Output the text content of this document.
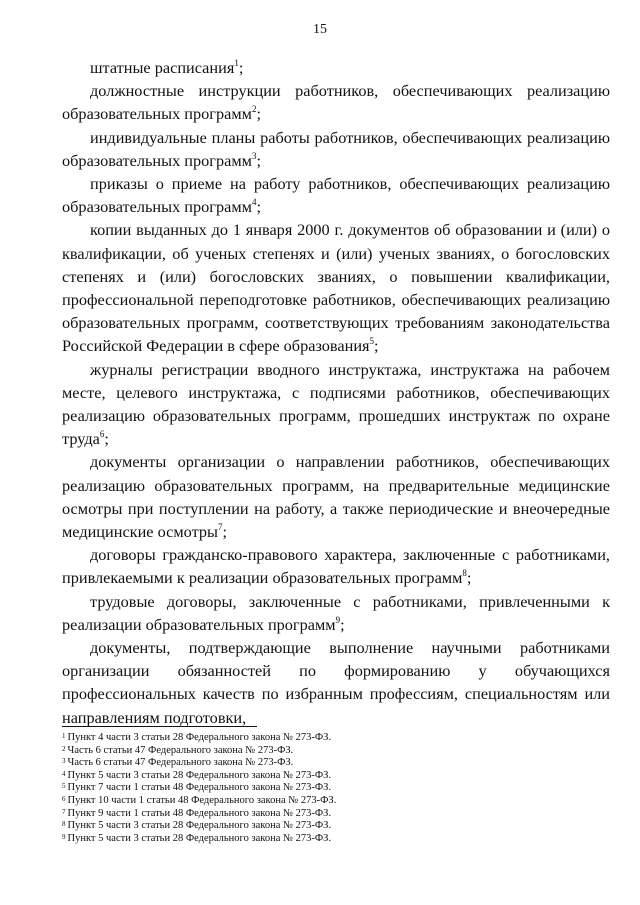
15

штатные расписания$^1$;

должностные инструкции работников, обеспечивающих реализацию образовательных программ$^2$;

индивидуальные планы работы работников, обеспечивающих реализацию образовательных программ$^3$;

приказы о приеме на работу работников, обеспечивающих реализацию образовательных программ$^4$;

копии выданных до 1 января 2000 г. документов об образовании и (или) о квалификации, об ученых степенях и (или) ученых званиях, о богословских степенях и (или) богословских званиях, о повышении квалификации, профессиональной переподготовке работников, обеспечивающих реализацию образовательных программ, соответствующих требованиям законодательства Российской Федерации в сфере образования$^5$;

журналы регистрации вводного инструктажа, инструктажа на рабочем месте, целевого инструктажа, с подписями работников, обеспечивающих реализацию образовательных программ, прошедших инструктаж по охране труда$^6$;

документы организации о направлении работников, обеспечивающих реализацию образовательных программ, на предварительные медицинские осмотры при поступлении на работу, а также периодические и внеочередные медицинские осмотры$^7$;

договоры гражданско-правового характера, заключенные с работниками, привлекаемыми к реализации образовательных программ$^8$;

трудовые договоры, заключенные с работниками, привлеченными к реализации образовательных программ$^9$;

документы, подтверждающие выполнение научными работниками организации обязанностей по формированию у обучающихся профессиональных качеств по избранным профессиям, специальностям или направлениям подготовки,

$^1$ Пункт 4 части 3 статьи 28 Федерального закона № 273-ФЗ.
$^2$ Часть 6 статьи 47 Федерального закона № 273-ФЗ.
$^3$ Часть 6 статьи 47 Федерального закона № 273-ФЗ.
$^4$ Пункт 5 части 3 статьи 28 Федерального закона № 273-ФЗ.
$^5$ Пункт 7 части 1 статьи 48 Федерального закона № 273-ФЗ.
$^6$ Пункт 10 части 1 статьи 48 Федерального закона № 273-ФЗ.
$^7$ Пункт 9 части 1 статьи 48 Федерального закона № 273-ФЗ.
$^8$ Пункт 5 части 3 статьи 28 Федерального закона № 273-ФЗ.
$^9$ Пункт 5 части 3 статьи 28 Федерального закона № 273-ФЗ.
